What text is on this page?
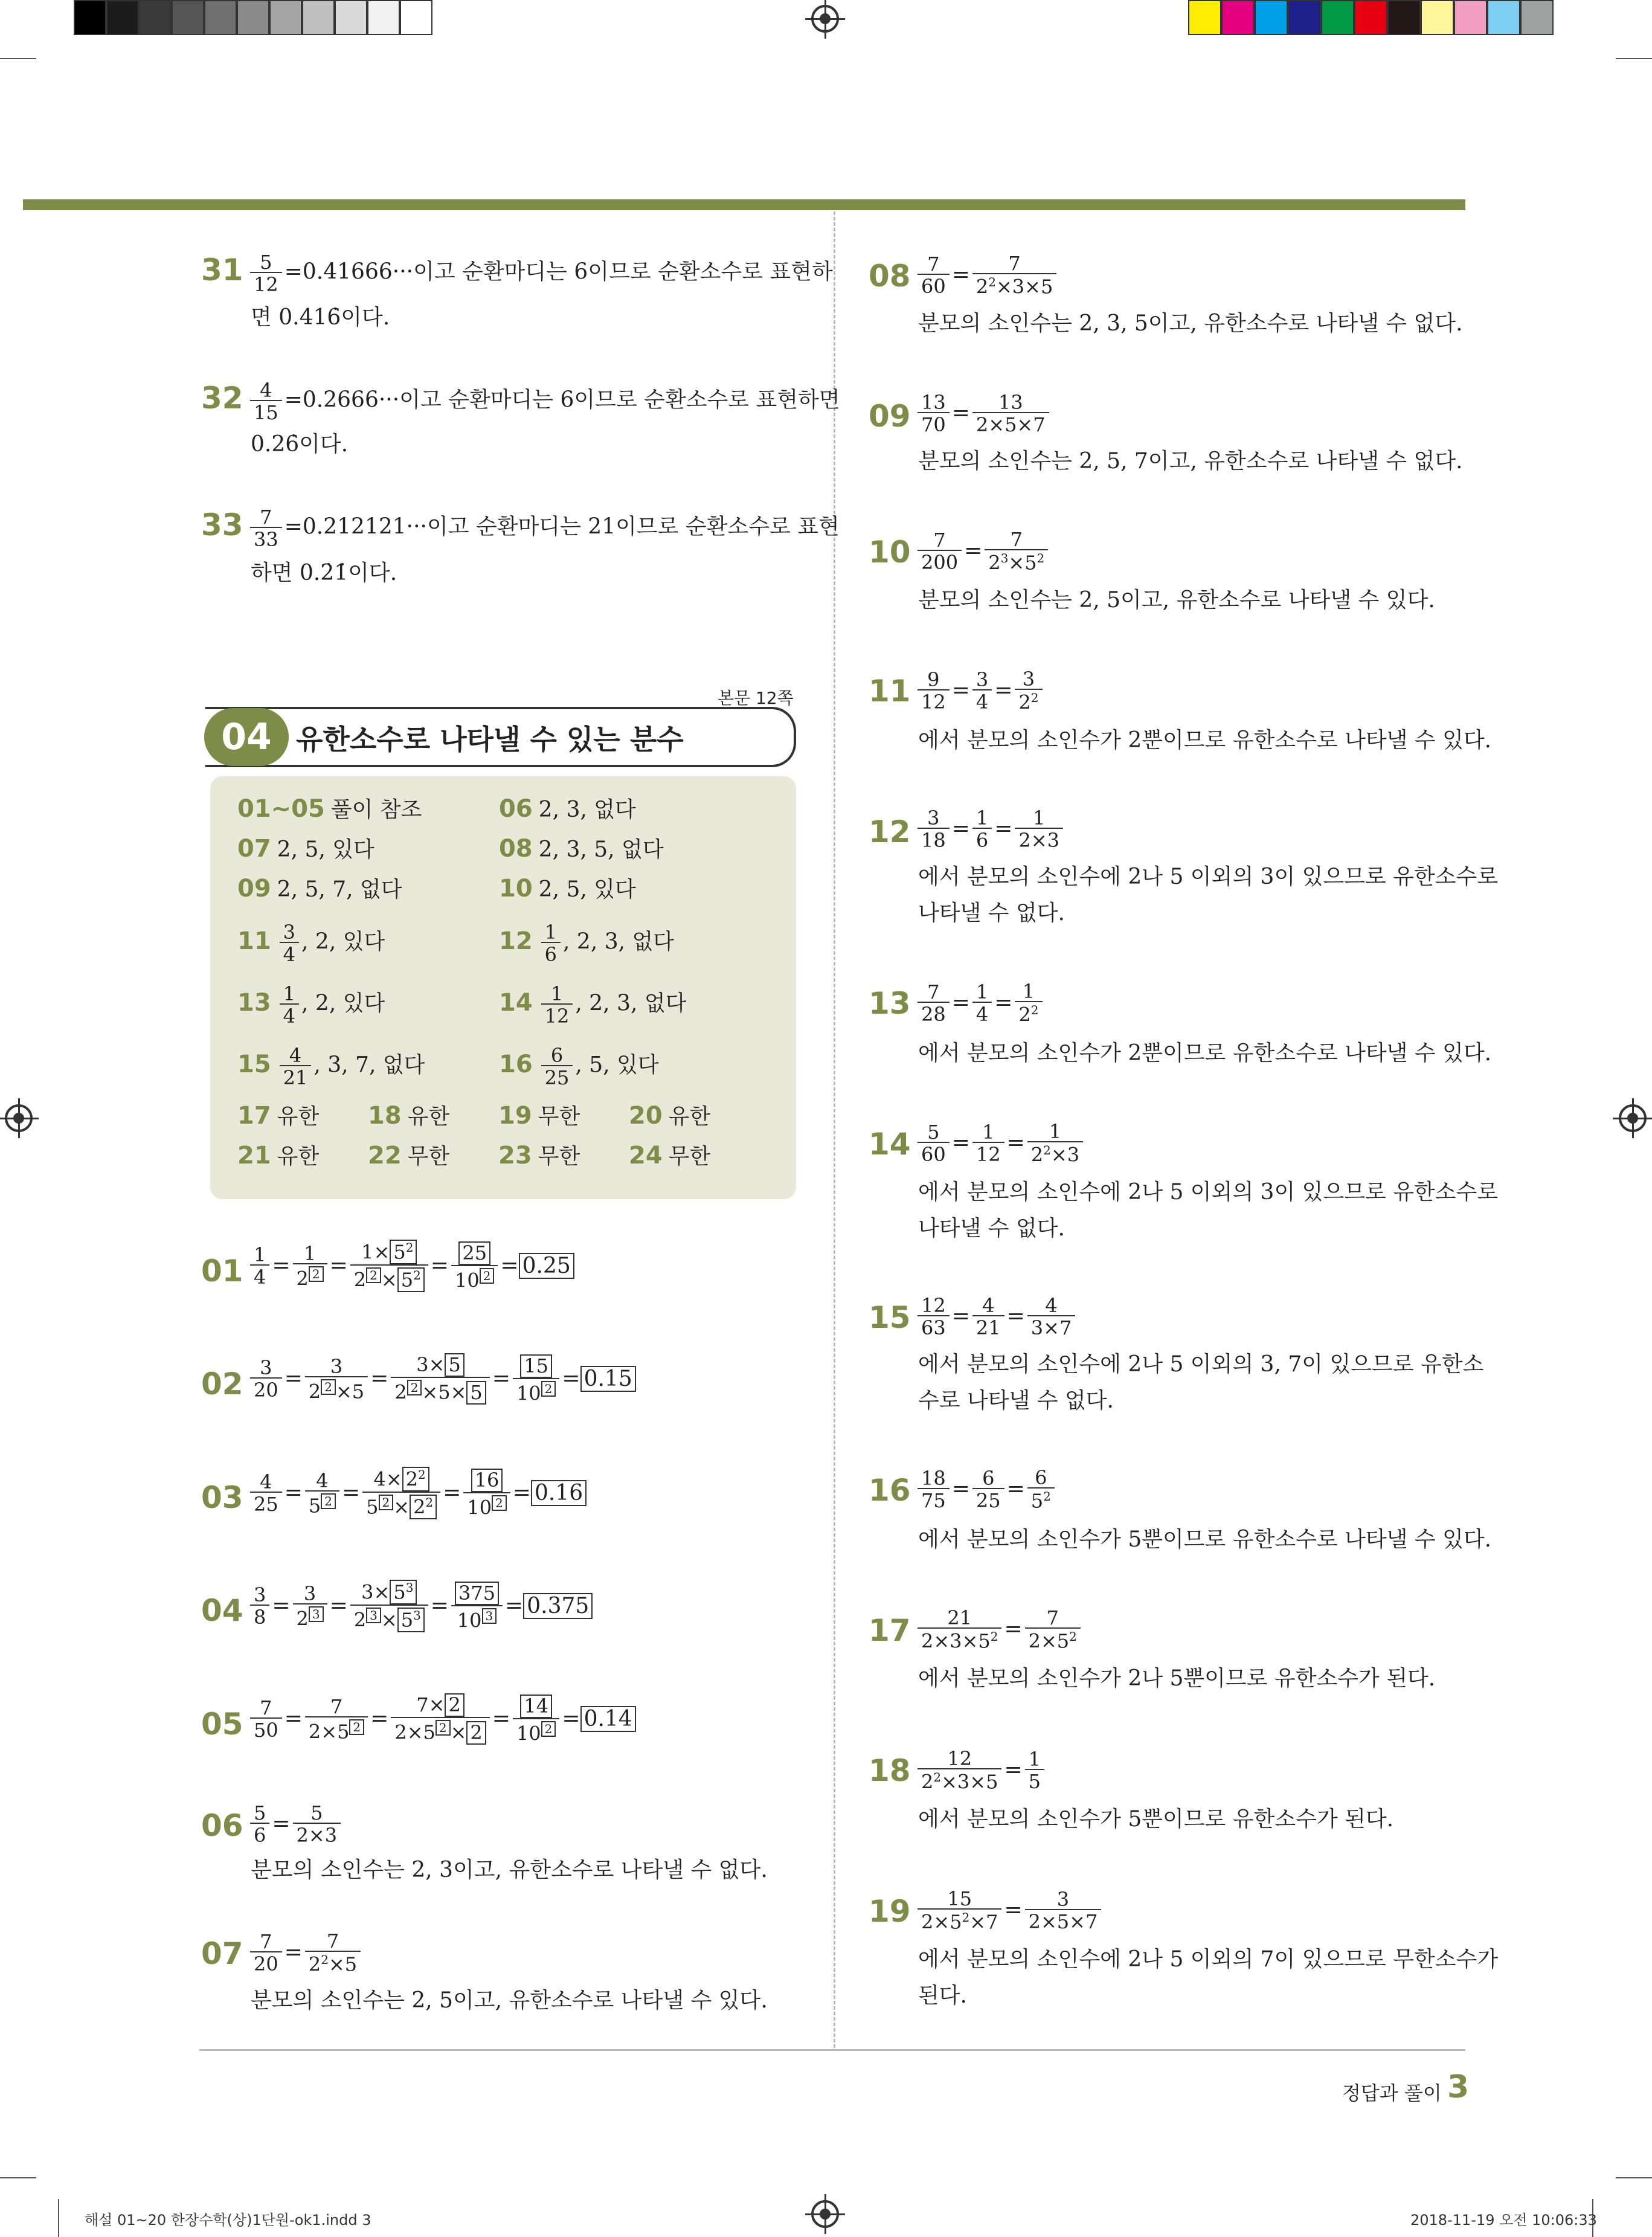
$31 \frac{5}{12} =0.41666\cdot\cdot\cdot$이고 순환마디는 6이므로 순환소수로 표현하
면 0.416̇이다.
$32 \frac{4}{15} =0.2666\cdot\cdot\cdot$이고 순환마디는 6이므로 순환소수로 표현하면
0.26̇이다.
$33 \frac{7}{33} =0.212121\cdot\cdot\cdot$이고 순환마디는 21이므로 순환소수로 표현
하면 0.2̇1̇이다.
본문 12쪽
04 유한소수로 나타낼 수 있는 분수
01~05 풀이 참조	06 2, 3, 없다
07 2, 5, 있다	08 2, 3, 5, 없다
09 2, 5, 7, 없다	10 2, 5, 있다
$11 \frac{3}{4}$ , 2, 있다	$12 \frac{1}{6}$ , 2, 3, 없다
$13 \frac{1}{4}$ , 2, 있다	$14 \frac{1}{12}$ , 2, 3, 없다
$15 \frac{4}{21}$ , 3, 7, 없다	$16 \frac{6}{25}$ , 5, 있다
17 유한 18 유한 19 무한 20 유한
21 유한 22 무한 23 무한 24 무한
$01 \frac{1}{4} = \frac{1}{2 ^2} = \frac{1\times 5^2}{2 ^2 \times 5^2} = \frac{25}{10 ^2} = 0.25$
$02 \frac{3}{20} = \frac{3}{2 ^2 \times 5} = \frac{3\times 5}{2 ^2 \times 5\times 5} = \frac{15}{10 ^2} = 0.15$
$03 \frac{4}{25} = \frac{4}{5 ^2} = \frac{4\times 2^2}{5 ^2 \times 2^2} = \frac{16}{10 ^2} = 0.16$
$04 \frac{3}{8} = \frac{3}{2 ^3} = \frac{3\times 5^3}{2 ^3 \times 5^3} = \frac{375}{10 ^3} = 0.375$
$05 \frac{7}{50} = \frac{7}{2\times 5 ^2} = \frac{7\times 2}{2\times 5 ^2 \times 2} = \frac{14}{10 ^2} = 0.14$
$06 \frac{5}{6} = \frac{5}{2\times 3}$
분모의 소인수는 2, 3이고, 유한소수로 나타낼 수 없다.
$07 \frac{7}{20} = \frac{7}{2^2\times 5}$
분모의 소인수는 2, 5이고, 유한소수로 나타낼 수 있다.
$08 \frac{7}{60} = \frac{7}{2^2\times 3\times 5}$
분모의 소인수는 2, 3, 5이고, 유한소수로 나타낼 수 없다.
$09 \frac{13}{70} = \frac{13}{2\times 5\times 7}$
분모의 소인수는 2, 5, 7이고, 유한소수로 나타낼 수 없다.
$10 \frac{7}{200} = \frac{7}{2^3\times 5^2}$
분모의 소인수는 2, 5이고, 유한소수로 나타낼 수 있다.
$11 \frac{9}{12} = \frac{3}{4} = \frac{3}{2^2}$
에서 분모의 소인수가 2뿐이므로 유한소수로 나타낼 수 있다.
$12 \frac{3}{18} = \frac{1}{6} = \frac{1}{2\times 3}$
에서 분모의 소인수에 2나 5 이외의 3이 있으므로 유한소수로
나타낼 수 없다.
$13 \frac{7}{28} = \frac{1}{4} = \frac{1}{2^2}$
에서 분모의 소인수가 2뿐이므로 유한소수로 나타낼 수 있다.
$14 \frac{5}{60} = \frac{1}{12} = \frac{1}{2^2\times 3}$
에서 분모의 소인수에 2나 5 이외의 3이 있으므로 유한소수로
나타낼 수 없다.
$15 \frac{12}{63} = \frac{4}{21} = \frac{4}{3\times 7}$
에서 분모의 소인수에 2나 5 이외의 3, 7이 있으므로 유한소
수로 나타낼 수 없다.
$16 \frac{18}{75} = \frac{6}{25} = \frac{6}{5^2}$
에서 분모의 소인수가 5뿐이므로 유한소수로 나타낼 수 있다.
$17 \frac{21}{2\times 3\times 5^2} = \frac{7}{2\times 5^2}$
에서 분모의 소인수가 2나 5뿐이므로 유한소수가 된다.
$18 \frac{12}{2^2\times 3\times 5} = \frac{1}{5}$
에서 분모의 소인수가 5뿐이므로 유한소수가 된다.
$19 \frac{15}{2\times 5^2\times 7} = \frac{3}{2\times 5\times 7}$
에서 분모의 소인수에 2나 5 이외의 7이 있으므로 무한소수가
된다.
정답과 풀이 3
해설 01~20 한장수학(상)1단원-ok1.indd 3	2018-11-19 오전 10:06:33
